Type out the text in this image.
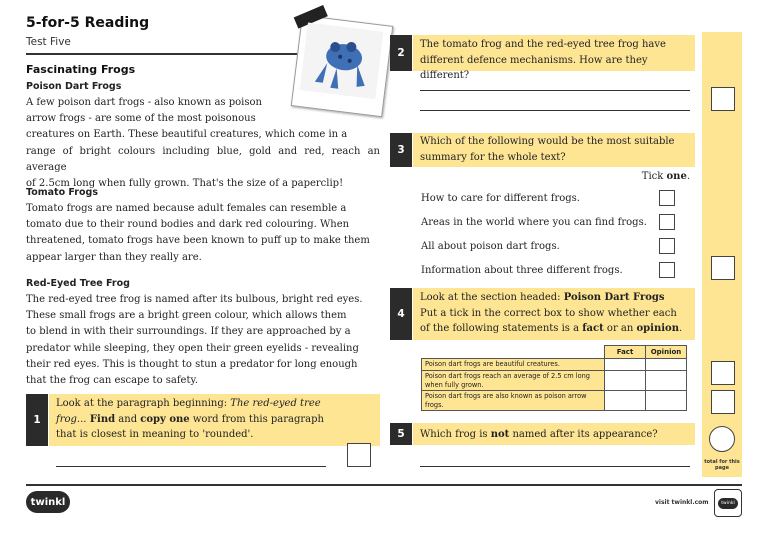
5-for-5 Reading
Test Five
Fascinating Frogs
Poison Dart Frogs
A few poison dart frogs - also known as poison
arrow frogs - are some of the most poisonous
creatures on Earth. These beautiful creatures, which come in a
range of bright colours including blue, gold and red, reach an average
of 2.5cm long when fully grown. That's the size of a paperclip!
Tomato Frogs
Tomato frogs are named because adult females can resemble a
tomato due to their round bodies and dark red colouring. When
threatened, tomato frogs have been known to puff up to make them
appear larger than they really are.
Red-Eyed Tree Frog
The red-eyed tree frog is named after its bulbous, bright red eyes.
These small frogs are a bright green colour, which allows them
to blend in with their surroundings. If they are approached by a
predator while sleeping, they open their green eyelids - revealing
their red eyes. This is thought to stun a predator for long enough
that the frog can escape to safety.
1
Look at the paragraph beginning: The red-eyed tree
frog... Find and copy one word from this paragraph
that is closest in meaning to 'rounded'.
2
The tomato frog and the red-eyed tree frog have
different defence mechanisms. How are they different?
3
Which of the following would be the most suitable
summary for the whole text?
Tick one.
How to care for different frogs.
Areas in the world where you can find frogs.
All about poison dart frogs.
Information about three different frogs.
4
Look at the section headed: Poison Dart Frogs
Put a tick in the correct box to show whether each
of the following statements is a fact or an opinion.
	Fact	Opinion
Poison dart frogs are beautiful creatures.		
Poison dart frogs reach an average of 2.5 cm long when fully grown.		
Poison dart frogs are also known as poison arrow frogs.		
5	Which frog is not named after its appearance?
total for this page
twinkl	visit twinkl.com	twinkl
